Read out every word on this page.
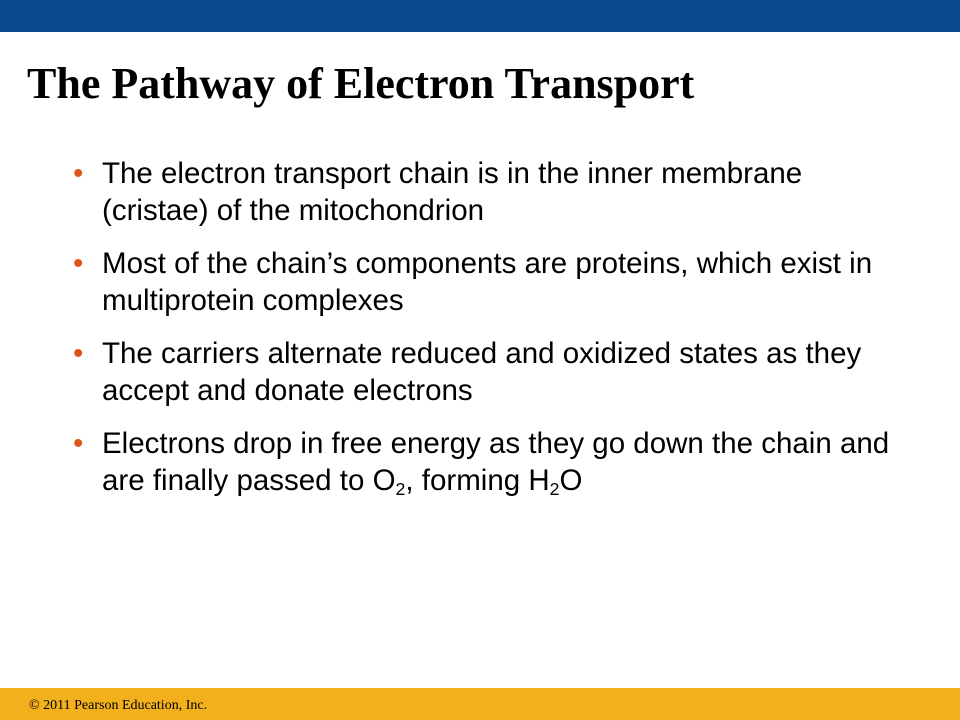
The Pathway of Electron Transport
• The electron transport chain is in the inner membrane (cristae) of the mitochondrion
• Most of the chain’s components are proteins, which exist in multiprotein complexes
• The carriers alternate reduced and oxidized states as they accept and donate electrons
• Electrons drop in free energy as they go down the chain and are finally passed to $O_2$, forming $H_2O$
© 2011 Pearson Education, Inc.
